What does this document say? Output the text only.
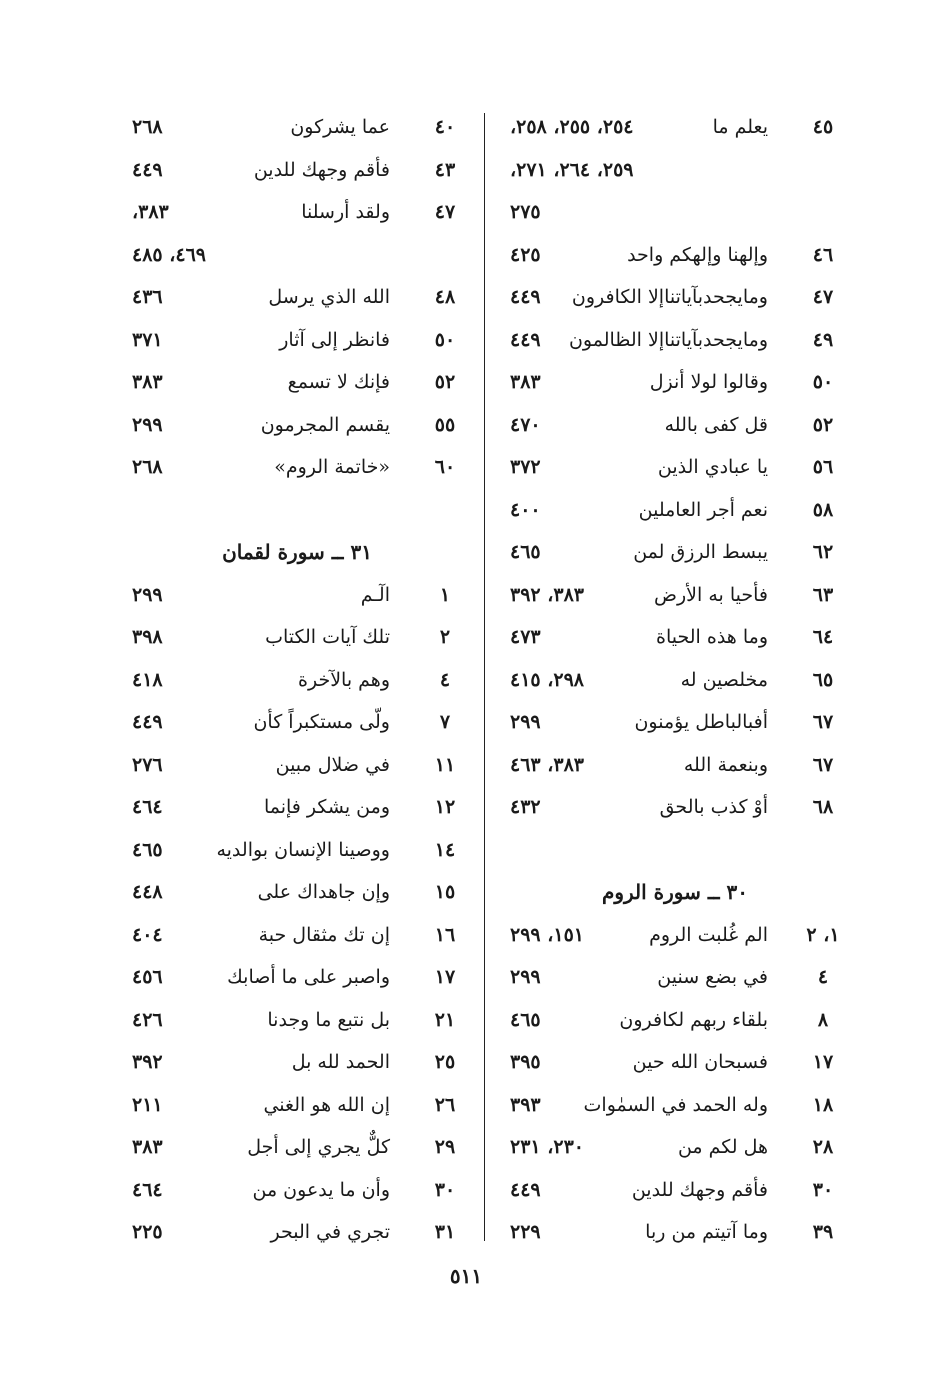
٤٥
يعلم ما
٢٥٤، ٢٥٥، ٢٥٨،
٢٥٩، ٢٦٤، ٢٧١،
٢٧٥
٤٦
وإلهنا وإلهكم واحد
٤٢٥
٤٧
ومايجحدبآياتناإلا الكافرون
٤٤٩
٤٩
ومايجحدبآياتناإلا الظالمون
٤٤٩
٥٠
وقالوا لولا أنزل
٣٨٣
٥٢
قل كفى بالله
٤٧٠
٥٦
يا عبادي الذين
٣٧٢
٥٨
نعم أجر العاملين
٤٠٠
٦٢
يبسط الرزق لمن
٤٦٥
٦٣
فأحيا به الأرض
٣٨٣، ٣٩٢
٦٤
وما هذه الحياة
٤٧٣
٦٥
مخلصين له
٢٩٨، ٤١٥
٦٧
أفبالباطل يؤمنون
٢٩٩
٦٧
وبنعمة الله
٣٨٣، ٤٦٣
٦٨
أوْ كذب بالحق
٤٣٢
٣٠ ــ سورة الروم
١، ٢
الم غُلبت الروم
١٥١، ٢٩٩
٤
في بضع سنين
٢٩٩
٨
بلقاء ربهم لكافرون
٤٦٥
١٧
فسبحان الله حين
٣٩٥
١٨
وله الحمد في السمٰوات
٣٩٣
٢٨
هل لكم من
٢٣٠، ٢٣١
٣٠
فأقم وجهك للدين
٤٤٩
٣٩
وما آتيتم من ربا
٢٢٩
٤٠
عما يشركون
٢٦٨
٤٣
فأقم وجهك للدين
٤٤٩
٤٧
ولقد أرسلنا
٣٨٣،
٤٦٩، ٤٨٥
٤٨
الله الذي يرسل
٤٣٦
٥٠
فانظر إلى آثار
٣٧١
٥٢
فإنك لا تسمع
٣٨٣
٥٥
يقسم المجرمون
٢٩٩
٦٠
«خاتمة الروم»
٢٦٨
٣١ ــ سورة لقمان
١
الٓـم
٢٩٩
٢
تلك آيات الكتاب
٣٩٨
٤
وهم بالآخرة
٤١٨
٧
ولّى مستكبراً كأن
٤٤٩
١١
في ضلال مبين
٢٧٦
١٢
ومن يشكر فإنما
٤٦٤
١٤
ووصينا الإنسان بوالديه
٤٦٥
١٥
وإن جاهداك على
٤٤٨
١٦
إن تك مثقال حبة
٤٠٤
١٧
واصبر على ما أصابك
٤٥٦
٢١
بل نتبع ما وجدنا
٤٢٦
٢٥
الحمد لله بل
٣٩٢
٢٦
إن الله هو الغني
٢١١
٢٩
كلٌّ يجري إلى أجل
٣٨٣
٣٠
وأن ما يدعون من
٤٦٤
٣١
تجري في البحر
٢٢٥
٥١١
